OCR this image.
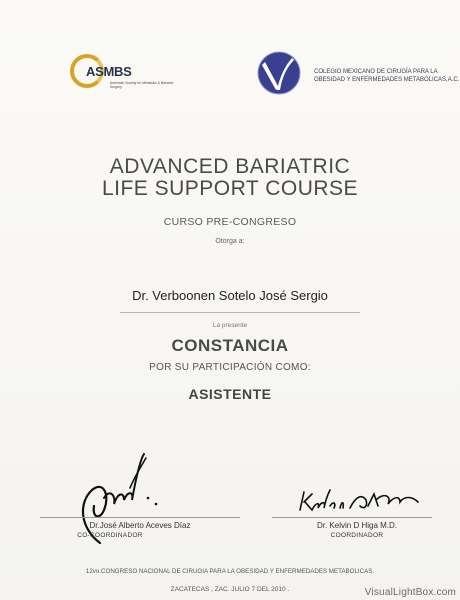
ASMBS
American Society for Metabolic & Bariatric Surgery
COLEGIO MEXICANO DE CIRUGÍA PARA LA OBESIDAD Y ENFERMEDADES METABÓLICAS,A.C.
ADVANCED BARIATRIC
LIFE SUPPORT COURSE
CURSO PRE-CONGRESO
Otorga a:
Dr. Verboonen Sotelo José Sergio
La presente
CONSTANCIA
POR SU PARTICIPACIÓN COMO:
ASISTENTE
Dr.José Alberto Aceves Díaz
CO-COORDINADOR
Dr. Kelvin D Higa M.D.
COORDINADOR
12vo.CONGRESO NACIONAL DE CIRUGIA PARA LA OBESIDAD Y ENFERMEDADES METABOLICAS.
ZACATECAS , ZAC. JULIO 7 DEL 2010 .	VisualLightBox.com
